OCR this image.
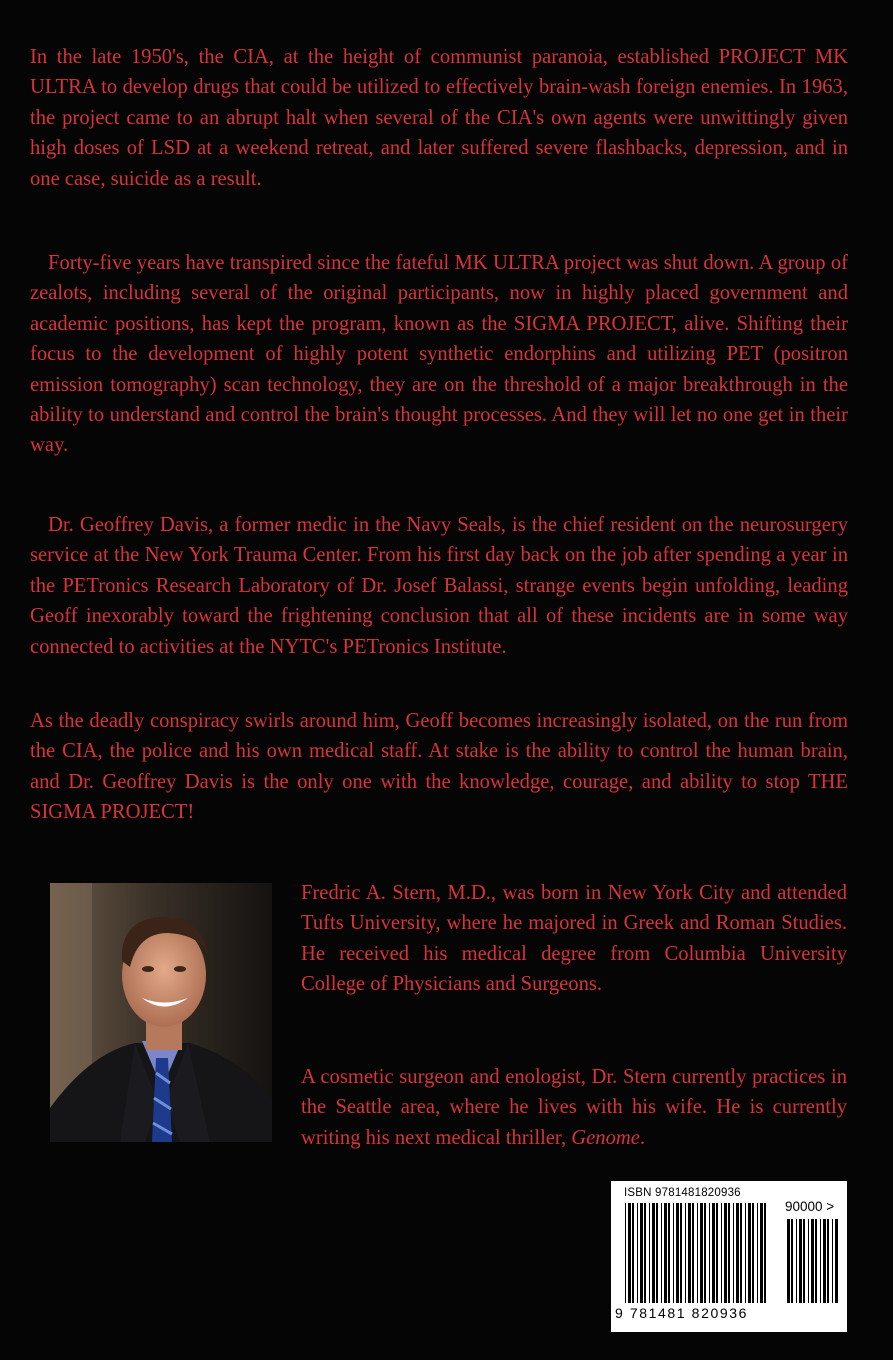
In the late 1950's, the CIA, at the height of communist paranoia, established PROJECT MK ULTRA to develop drugs that could be utilized to effectively brain-wash foreign enemies. In 1963, the project came to an abrupt halt when several of the CIA's own agents were unwittingly given high doses of LSD at a weekend retreat, and later suffered severe flashbacks, depression, and in one case, suicide as a result.

Forty-five years have transpired since the fateful MK ULTRA project was shut down. A group of zealots, including several of the original participants, now in highly placed government and academic positions, has kept the program, known as the SIGMA PROJECT, alive. Shifting their focus to the development of highly potent synthetic endorphins and utilizing PET (positron emission tomography) scan technology, they are on the threshold of a major breakthrough in the ability to understand and control the brain's thought processes. And they will let no one get in their way.

Dr. Geoffrey Davis, a former medic in the Navy Seals, is the chief resident on the neurosurgery service at the New York Trauma Center. From his first day back on the job after spending a year in the PETronics Research Laboratory of Dr. Josef Balassi, strange events begin unfolding, leading Geoff inexorably toward the frightening conclusion that all of these incidents are in some way connected to activities at the NYTC's PETronics Institute.

As the deadly conspiracy swirls around him, Geoff becomes increasingly isolated, on the run from the CIA, the police and his own medical staff. At stake is the ability to control the human brain, and Dr. Geoffrey Davis is the only one with the knowledge, courage, and ability to stop THE SIGMA PROJECT!

Fredric A. Stern, M.D., was born in New York City and attended Tufts University, where he majored in Greek and Roman Studies. He received his medical degree from Columbia University College of Physicians and Surgeons.

A cosmetic surgeon and enologist, Dr. Stern currently practices in the Seattle area, where he lives with his wife. He is currently writing his next medical thriller, Genome.

ISBN 9781481820936
90000 >
9 781481 820936
